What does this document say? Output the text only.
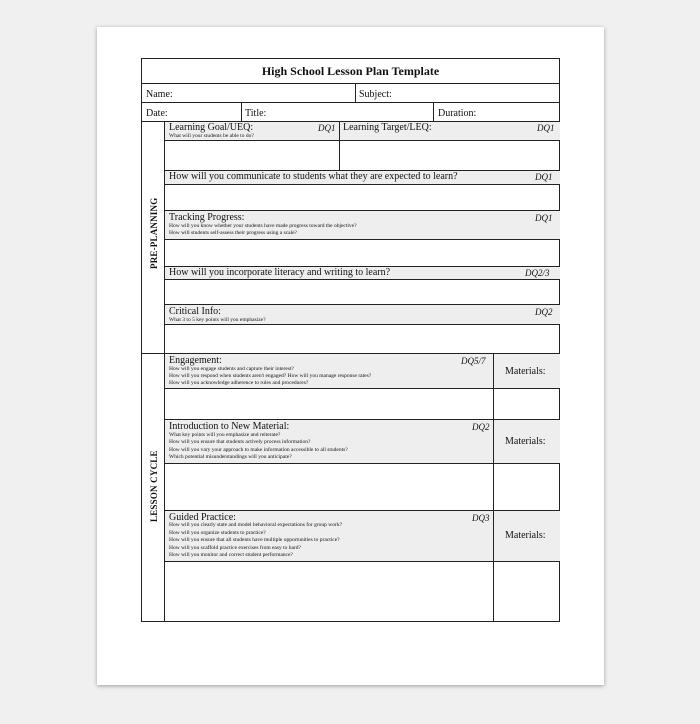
High School Lesson Plan Template
Name:	Subject:
Date:	Title:	Duration:
PRE-PLANNING
LESSON CYCLE
Learning Goal/UEQ:	DQ1
What will your students be able to do?
Learning Target/LEQ:	DQ1
How will you communicate to students what they are expected to learn?	DQ1
Tracking Progress:	DQ1
How will you know whether your students have made progress toward the objective?
How will students self-assess their progress using a scale?
How will you incorporate literacy and writing to learn?	DQ2/3
Critical Info:	DQ2
What 3 to 5 key points will you emphasize?
Engagement:	DQ5/7
How will you engage students and capture their interest?
How will you respond when students aren't engaged? How will you manage response rates?
How will you acknowledge adherence to rules and procedures?
Materials:
Introduction to New Material:	DQ2
What key points will you emphasize and reiterate?
How will you ensure that students actively process information?
How will you vary your approach to make information accessible to all students?
Which potential misunderstandings will you anticipate?
Materials:
Guided Practice:	DQ3
How will you clearly state and model behavioral expectations for group work?
How will you organize students to practice?
How will you ensure that all students have multiple opportunities to practice?
How will you scaffold practice exercises from easy to hard?
How will you monitor and correct student performance?
Materials:
